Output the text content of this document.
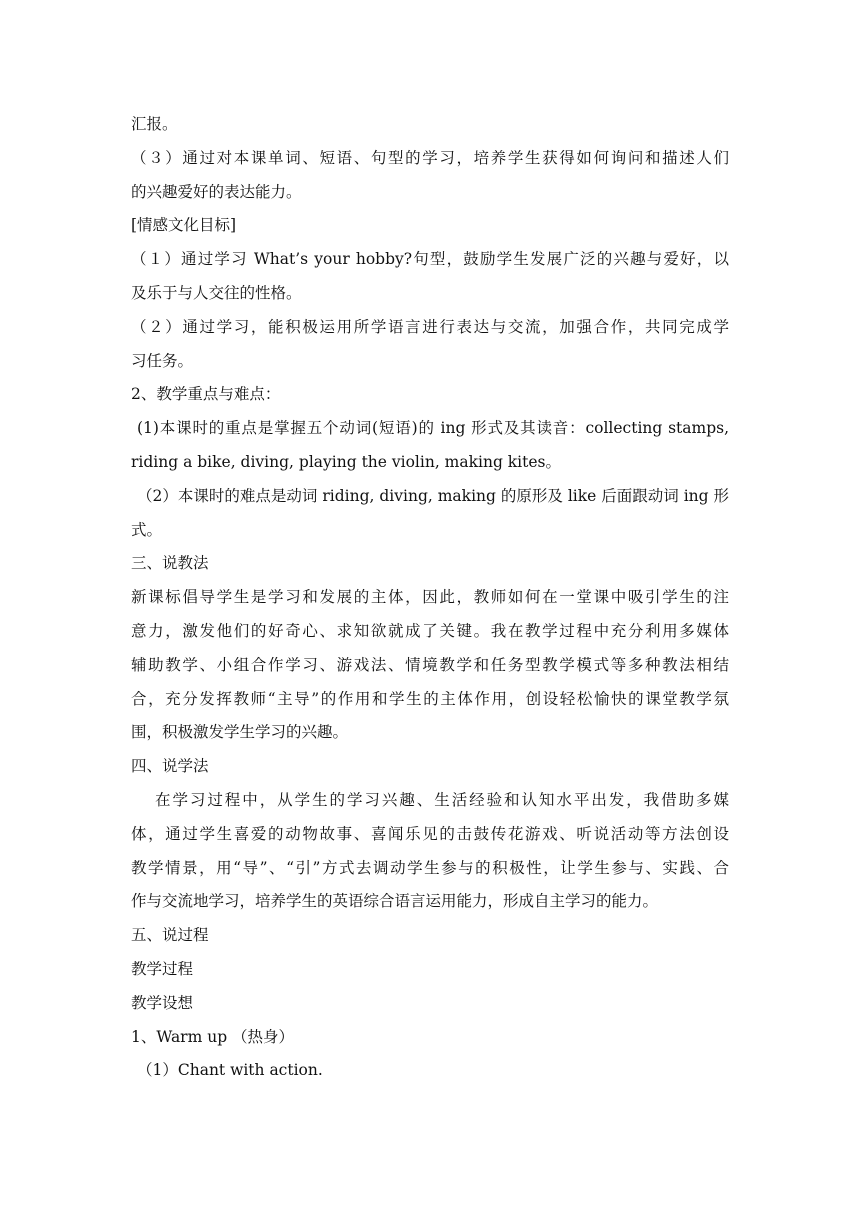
汇报。
（３）通过对本课单词、短语、句型的学习，培养学生获得如何询问和描述人们
的兴趣爱好的表达能力。
[情感文化目标]
（１）通过学习 What’s your hobby?句型，鼓励学生发展广泛的兴趣与爱好，以
及乐于与人交往的性格。
（２）通过学习，能积极运用所学语言进行表达与交流，加强合作，共同完成学
习任务。
2、教学重点与难点：
(1)本课时的重点是掌握五个动词(短语)的 ing 形式及其读音：collecting stamps,
riding a bike, diving, playing the violin, making kites。
（2）本课时的难点是动词 riding, diving, making 的原形及 like 后面跟动词 ing 形
式。
三、说教法
新课标倡导学生是学习和发展的主体，因此，教师如何在一堂课中吸引学生的注
意力，激发他们的好奇心、求知欲就成了关键。我在教学过程中充分利用多媒体
辅助教学、小组合作学习、游戏法、情境教学和任务型教学模式等多种教法相结
合，充分发挥教师“主导”的作用和学生的主体作用，创设轻松愉快的课堂教学氛
围，积极激发学生学习的兴趣。
四、说学法
在学习过程中，从学生的学习兴趣、生活经验和认知水平出发，我借助多媒
体，通过学生喜爱的动物故事、喜闻乐见的击鼓传花游戏、听说活动等方法创设
教学情景，用“导”、“引”方式去调动学生参与的积极性，让学生参与、实践、合
作与交流地学习，培养学生的英语综合语言运用能力，形成自主学习的能力。
五、说过程
教学过程
教学设想
1、Warm up （热身）
（1）Chant with action.
